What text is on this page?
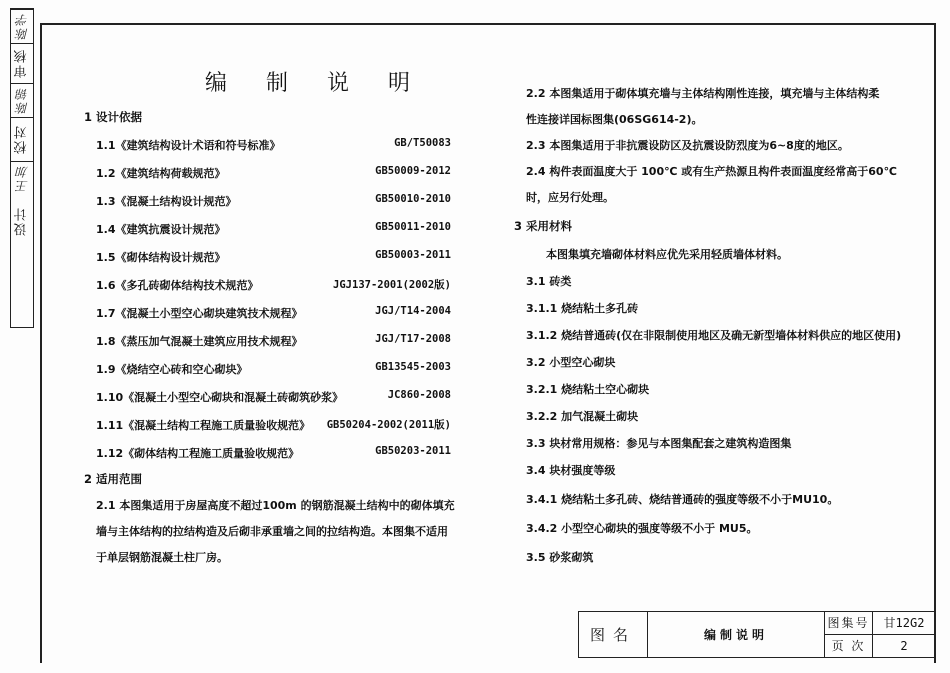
陈学
审核
陈锦
校对
王加
设计
编 制 说 明
1 设计依据
1.1《建筑结构设计术语和符号标准》	GB/T50083
1.2《建筑结构荷载规范》	GB50009-2012
1.3《混凝土结构设计规范》	GB50010-2010
1.4《建筑抗震设计规范》	GB50011-2010
1.5《砌体结构设计规范》	GB50003-2011
1.6《多孔砖砌体结构技术规范》	JGJ137-2001(2002版)
1.7《混凝土小型空心砌块建筑技术规程》	JGJ/T14-2004
1.8《蒸压加气混凝土建筑应用技术规程》	JGJ/T17-2008
1.9《烧结空心砖和空心砌块》	GB13545-2003
1.10《混凝土小型空心砌块和混凝土砖砌筑砂浆》	JC860-2008
1.11《混凝土结构工程施工质量验收规范》 GB50204-2002(2011版)
1.12《砌体结构工程施工质量验收规范》	GB50203-2011
2 适用范围
2.1 本图集适用于房屋高度不超过100m 的钢筋混凝土结构中的砌体填充
墙与主体结构的拉结构造及后砌非承重墙之间的拉结构造。本图集不适用
于单层钢筋混凝土柱厂房。
2.2 本图集适用于砌体填充墙与主体结构刚性连接，填充墙与主体结构柔
性连接详国标图集(06SG614-2)。
2.3 本图集适用于非抗震设防区及抗震设防烈度为6~8度的地区。
2.4 构件表面温度大于 100℃ 或有生产热源且构件表面温度经常高于60℃
时，应另行处理。
3 采用材料
本图集填充墙砌体材料应优先采用轻质墙体材料。
3.1 砖类
3.1.1 烧结粘土多孔砖
3.1.2 烧结普通砖(仅在非限制使用地区及确无新型墙体材料供应的地区使用)
3.2 小型空心砌块
3.2.1 烧结粘土空心砌块
3.2.2 加气混凝土砌块
3.3 块材常用规格：参见与本图集配套之建筑构造图集
3.4 块材强度等级
3.4.1 烧结粘土多孔砖、烧结普通砖的强度等级不小于MU10。
3.4.2 小型空心砌块的强度等级不小于 MU5。
3.5 砂浆砌筑
图名	编制说明
图集号	甘12G2
页 次	2
